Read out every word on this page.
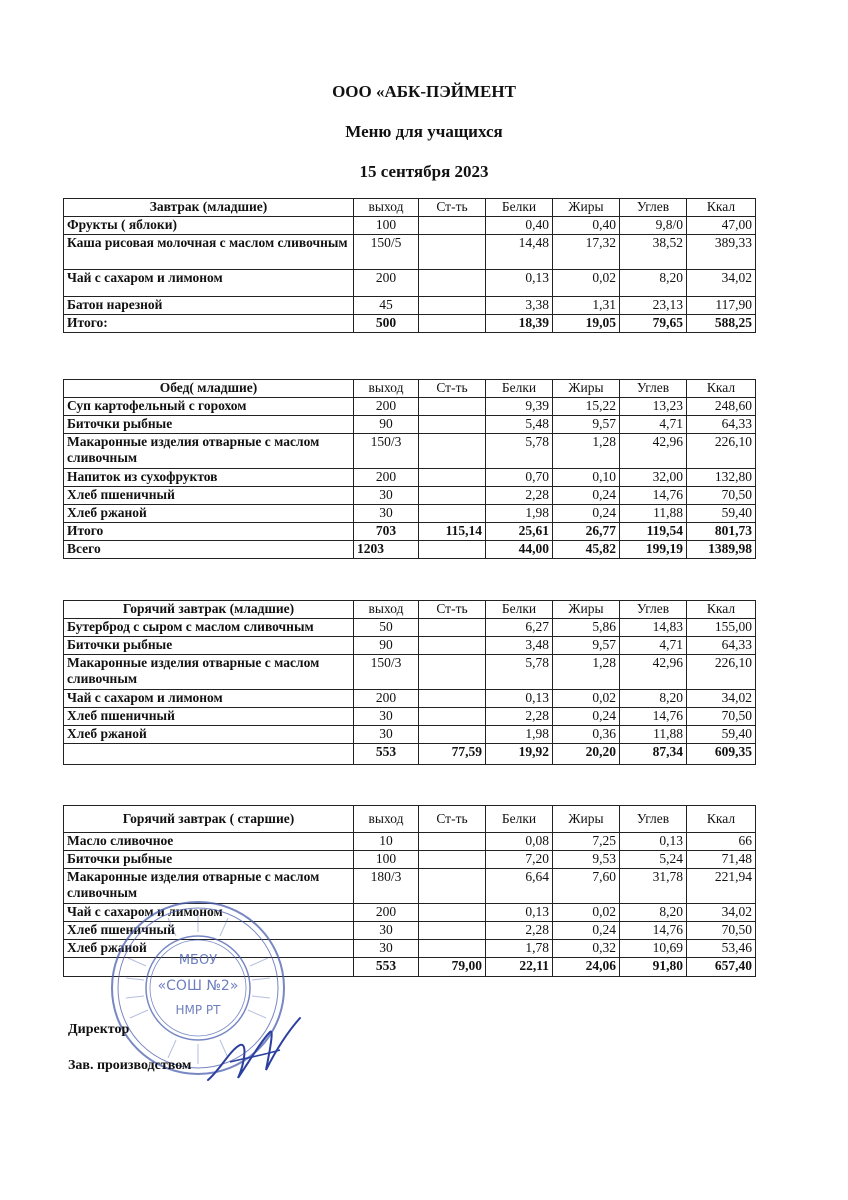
ООО «АБК-ПЭЙМЕНТ
Меню для учащихся
15 сентября 2023
Завтрак (младшие)	выход	Ст-ть	Белки	Жиры	Углев	Ккал
Фрукты ( яблоки)	100		0,40	0,40	9,8/0	47,00
Каша рисовая молочная с маслом сливочным	150/5		14,48	17,32	38,52	389,33
Чай с сахаром и лимоном	200		0,13	0,02	8,20	34,02
Батон нарезной	45		3,38	1,31	23,13	117,90
Итого:	500		18,39	19,05	79,65	588,25
Обед( младшие)	выход	Ст-ть	Белки	Жиры	Углев	Ккал
Суп картофельный с горохом	200		9,39	15,22	13,23	248,60
Биточки рыбные	90		5,48	9,57	4,71	64,33
Макаронные изделия отварные с маслом сливочным	150/3		5,78	1,28	42,96	226,10
Напиток из сухофруктов	200		0,70	0,10	32,00	132,80
Хлеб пшеничный	30		2,28	0,24	14,76	70,50
Хлеб ржаной	30		1,98	0,24	11,88	59,40
Итого	703	115,14	25,61	26,77	119,54	801,73
Всего	1203		44,00	45,82	199,19	1389,98
Горячий завтрак (младшие)	выход	Ст-ть	Белки	Жиры	Углев	Ккал
Бутерброд с сыром с маслом сливочным	50		6,27	5,86	14,83	155,00
Биточки рыбные	90		3,48	9,57	4,71	64,33
Макаронные изделия отварные с маслом сливочным	150/3		5,78	1,28	42,96	226,10
Чай с сахаром и лимоном	200		0,13	0,02	8,20	34,02
Хлеб пшеничный	30		2,28	0,24	14,76	70,50
Хлеб ржаной	30		1,98	0,36	11,88	59,40
	553	77,59	19,92	20,20	87,34	609,35
Горячий завтрак ( старшие)	выход	Ст-ть	Белки	Жиры	Углев	Ккал
Масло сливочное	10		0,08	7,25	0,13	66
Биточки рыбные	100		7,20	9,53	5,24	71,48
Макаронные изделия отварные с маслом сливочным	180/3		6,64	7,60	31,78	221,94
Чай с сахаром и лимоном	200		0,13	0,02	8,20	34,02
Хлеб пшеничный	30		2,28	0,24	14,76	70,50
Хлеб ржаной	30		1,78	0,32	10,69	53,46
	553	79,00	22,11	24,06	91,80	657,40
МБОУ
«СОШ №2»
НМР РТ
Директор
Зав. производством
